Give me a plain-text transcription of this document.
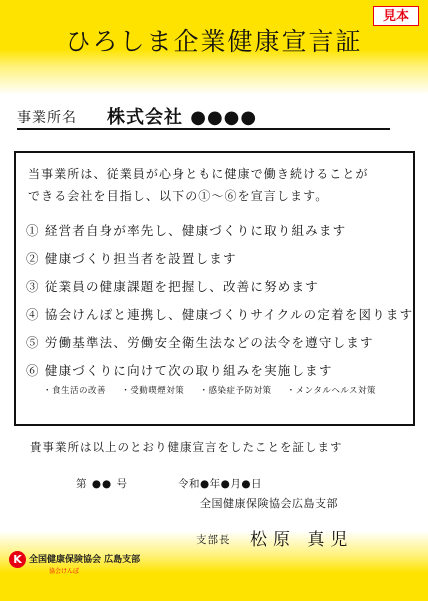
見本
ひろしま企業健康宣言証
事業所名 株式会社 ●●●●
当事業所は、従業員が心身ともに健康で働き続けることが
できる会社を目指し、以下の①～⑥を宣言します。
① 経営者自身が率先し、健康づくりに取り組みます
② 健康づくり担当者を設置します
③ 従業員の健康課題を把握し、改善に努めます
④ 協会けんぽと連携し、健康づくりサイクルの定着を図ります
⑤ 労働基準法、労働安全衛生法などの法令を遵守します
⑥ 健康づくりに向けて次の取り組みを実施します
・食生活の改善 ・受動喫煙対策 ・感染症予防対策 ・メンタルヘルス対策
貴事業所は以上のとおり健康宣言をしたことを証します
第 ●● 号	令和●年●月●日
全国健康保険協会広島支部
支部長 松原 真児
K 全国健康保険協会 広島支部
協会けんぽ
